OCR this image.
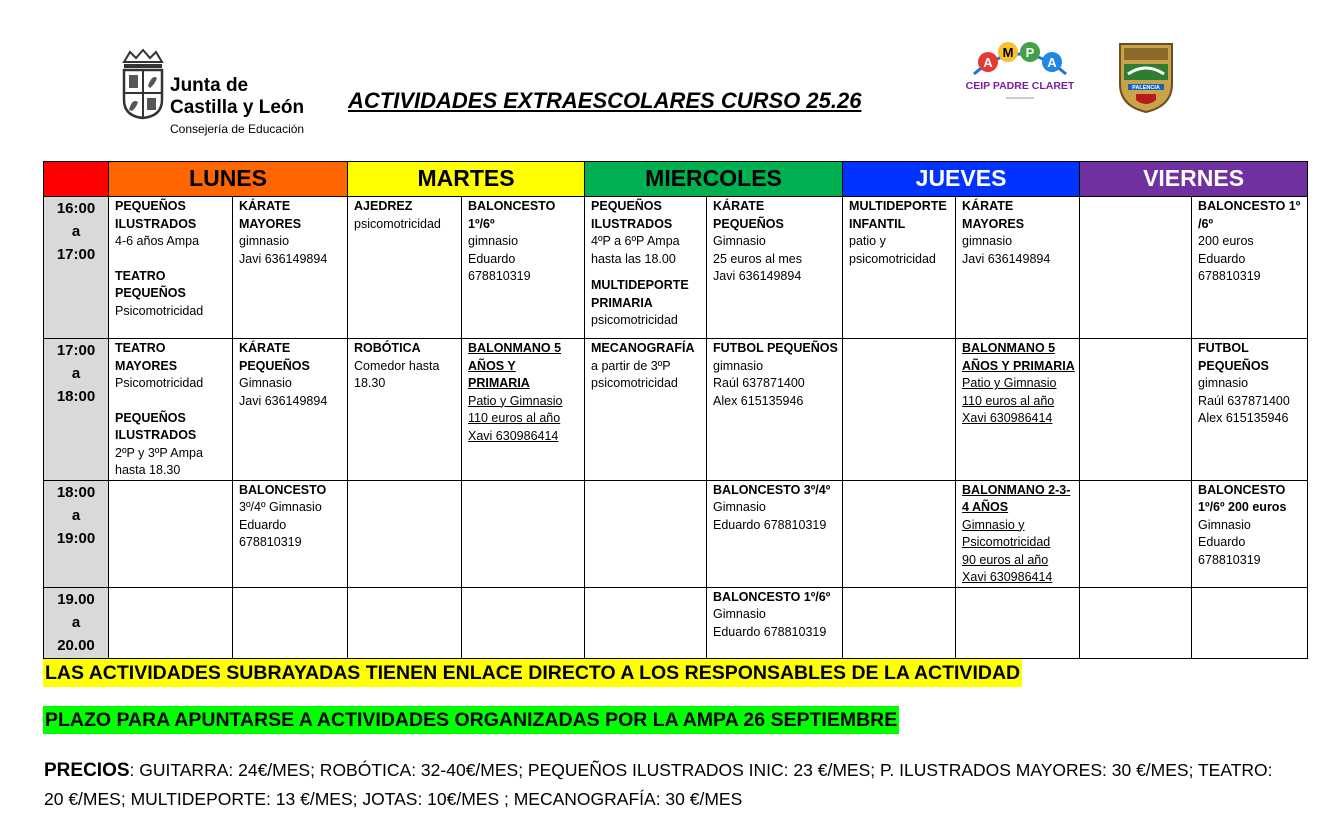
Junta de
Castilla y León
Consejería de Educación
ACTIVIDADES EXTRAESCOLARES CURSO 25.26
A
M P
A
CEIP PADRE CLARET	PALENCIA
	LUNES		MARTES		MIERCOLES		JUEVES		VIERNES	

16:00
a
17:00	PEQUEÑOS ILUSTRADOS
4-6 años Ampa
TEATRO PEQUEÑOS
Psicomotricidad	KÁRATE MAYORES
gimnasio
Javi 636149894	AJEDREZ
psicomotricidad	BALONCESTO 1º/6º
gimnasio
Eduardo
678810319	PEQUEÑOS ILUSTRADOS
4ºP a 6ºP Ampa
hasta las 18.00
MULTIDEPORTE PRIMARIA
psicomotricidad	KÁRATE PEQUEÑOS
Gimnasio
25 euros al mes
Javi 636149894	MULTIDEPORTE INFANTIL
patio y psicomotricidad	KÁRATE MAYORES
gimnasio
Javi 636149894		BALONCESTO 1º /6º
200 euros
Eduardo
678810319

17:00
a
18:00	TEATRO MAYORES
Psicomotricidad
PEQUEÑOS ILUSTRADOS
2ºP y 3ºP Ampa hasta 18.30	KÁRATE PEQUEÑOS
Gimnasio
Javi 636149894	ROBÓTICA
Comedor hasta 18.30	BALONMANO 5 AÑOS Y PRIMARIA
Patio y Gimnasio
110 euros al año
Xavi 630986414	MECANOGRAFÍA
a partir de 3ºP psicomotricidad	FUTBOL PEQUEÑOS
gimnasio
Raúl 637871400
Alex 615135946		BALONMANO 5 AÑOS Y PRIMARIA
Patio y Gimnasio
110 euros al año
Xavi 630986414		FUTBOL PEQUEÑOS
gimnasio
Raúl 637871400
Alex 615135946

18:00
a
19:00		BALONCESTO
3º/4º Gimnasio
Eduardo
678810319				BALONCESTO 3º/4º
Gimnasio
Eduardo 678810319		BALONMANO 2-3-4 AÑOS
Gimnasio y Psicomotricidad
90 euros al año
Xavi 630986414		BALONCESTO 1º/6º 200 euros
Gimnasio
Eduardo
678810319

19.00
a
20.00						BALONCESTO 1º/6º
Gimnasio
Eduardo 678810319				

LAS ACTIVIDADES SUBRAYADAS TIENEN ENLACE DIRECTO A LOS RESPONSABLES DE LA ACTIVIDAD
PLAZO PARA APUNTARSE A ACTIVIDADES ORGANIZADAS POR LA AMPA 26 SEPTIEMBRE
PRECIOS: GUITARRA: 24€/MES; ROBÓTICA: 32-40€/MES; PEQUEÑOS ILUSTRADOS INIC: 23 €/MES; P. ILUSTRADOS MAYORES: 30 €/MES; TEATRO: 20 €/MES; MULTIDEPORTE: 13 €/MES; JOTAS: 10€/MES ; MECANOGRAFÍA: 30 €/MES
